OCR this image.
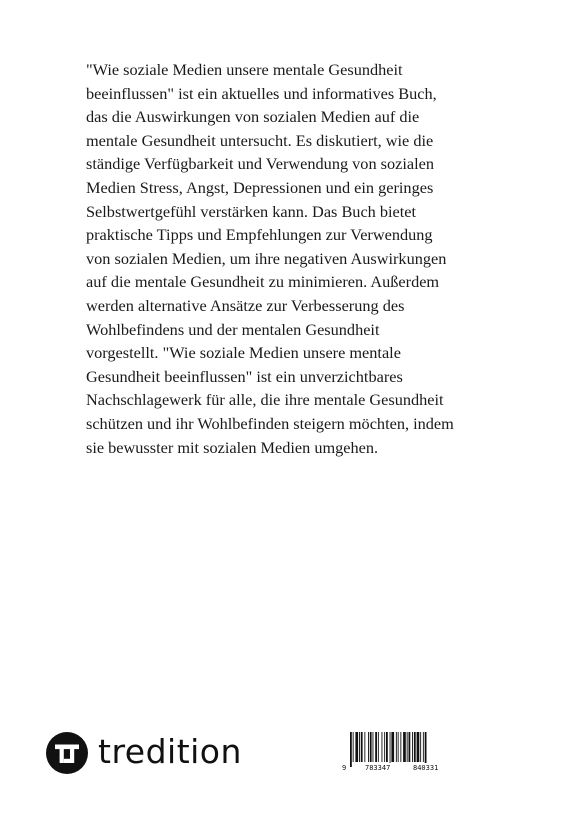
"Wie soziale Medien unsere mentale Gesundheit
beeinflussen" ist ein aktuelles und informatives Buch,
das die Auswirkungen von sozialen Medien auf die
mentale Gesundheit untersucht. Es diskutiert, wie die
ständige Verfügbarkeit und Verwendung von sozialen
Medien Stress, Angst, Depressionen und ein geringes
Selbstwertgefühl verstärken kann. Das Buch bietet
praktische Tipps und Empfehlungen zur Verwendung
von sozialen Medien, um ihre negativen Auswirkungen
auf die mentale Gesundheit zu minimieren. Außerdem
werden alternative Ansätze zur Verbesserung des
Wohlbefindens und der mentalen Gesundheit
vorgestellt. "Wie soziale Medien unsere mentale
Gesundheit beeinflussen" ist ein unverzichtbares
Nachschlagewerk für alle, die ihre mentale Gesundheit
schützen und ihr Wohlbefinden steigern möchten, indem
sie bewusster mit sozialen Medien umgehen.
tredition	9	783347	840331
